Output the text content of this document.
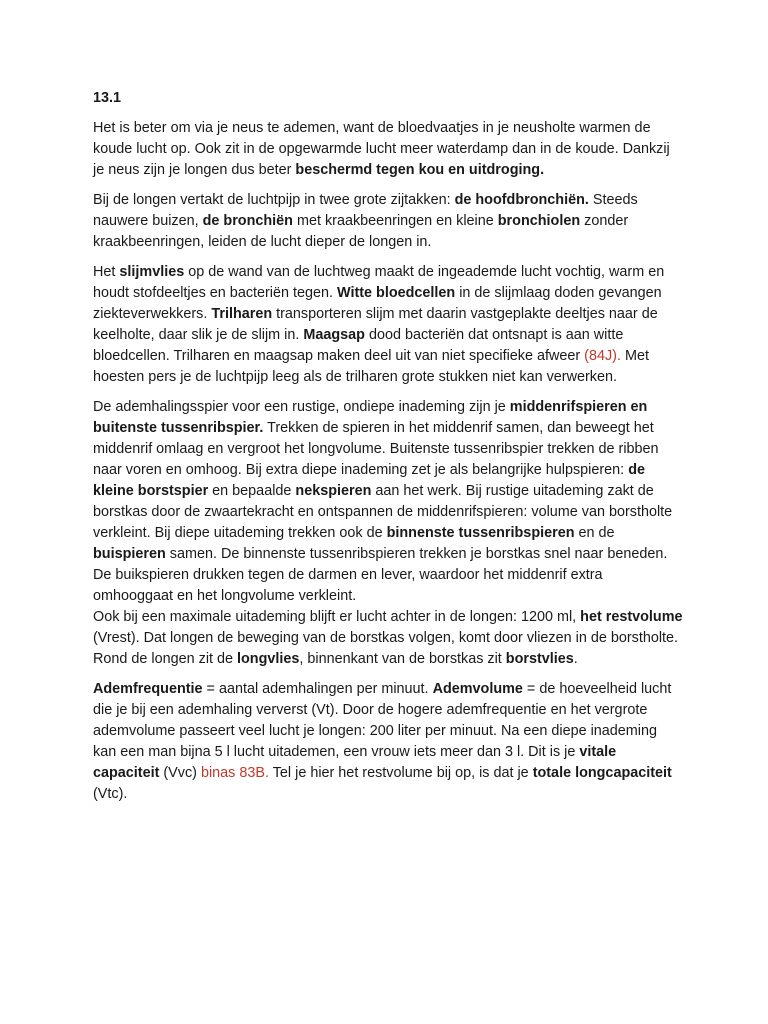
13.1

Het is beter om via je neus te ademen, want de bloedvaatjes in je neusholte warmen de koude lucht op. Ook zit in de opgewarmde lucht meer waterdamp dan in de koude. Dankzij je neus zijn je longen dus beter beschermd tegen kou en uitdroging.

Bij de longen vertakt de luchtpijp in twee grote zijtakken: de hoofdbronchiën. Steeds nauwere buizen, de bronchiën met kraakbeenringen en kleine bronchiolen zonder kraakbeenringen, leiden de lucht dieper de longen in.

Het slijmvlies op de wand van de luchtweg maakt de ingeademde lucht vochtig, warm en houdt stofdeeltjes en bacteriën tegen. Witte bloedcellen in de slijmlaag doden gevangen ziekteverwekkers. Trilharen transporteren slijm met daarin vastgeplakte deeltjes naar de keelholte, daar slik je de slijm in. Maagsap dood bacteriën dat ontsnapt is aan witte bloedcellen. Trilharen en maagsap maken deel uit van niet specifieke afweer (84J). Met hoesten pers je de luchtpijp leeg als de trilharen grote stukken niet kan verwerken.

De ademhalingsspier voor een rustige, ondiepe inademing zijn je middenrifspieren en buitenste tussenribspier. Trekken de spieren in het middenrif samen, dan beweegt het middenrif omlaag en vergroot het longvolume. Buitenste tussenribspier trekken de ribben naar voren en omhoog. Bij extra diepe inademing zet je als belangrijke hulpspieren: de kleine borstspier en bepaalde nekspieren aan het werk. Bij rustige uitademing zakt de borstkas door de zwaartekracht en ontspannen de middenrifspieren: volume van borstholte verkleint. Bij diepe uitademing trekken ook de binnenste tussenribspieren en de buispieren samen. De binnenste tussenribspieren trekken je borstkas snel naar beneden. De buikspieren drukken tegen de darmen en lever, waardoor het middenrif extra omhooggaat en het longvolume verkleint.

Ook bij een maximale uitademing blijft er lucht achter in de longen: 1200 ml, het restvolume (Vrest). Dat longen de beweging van de borstkas volgen, komt door vliezen in de borstholte. Rond de longen zit de longvlies, binnenkant van de borstkas zit borstvlies.

Ademfrequentie = aantal ademhalingen per minuut. Ademvolume = de hoeveelheid lucht die je bij een ademhaling ververst (Vt). Door de hogere ademfrequentie en het vergrote ademvolume passeert veel lucht je longen: 200 liter per minuut. Na een diepe inademing kan een man bijna 5 l lucht uitademen, een vrouw iets meer dan 3 l. Dit is je vitale capaciteit (Vvc) binas 83B. Tel je hier het restvolume bij op, is dat je totale longcapaciteit (Vtc).
